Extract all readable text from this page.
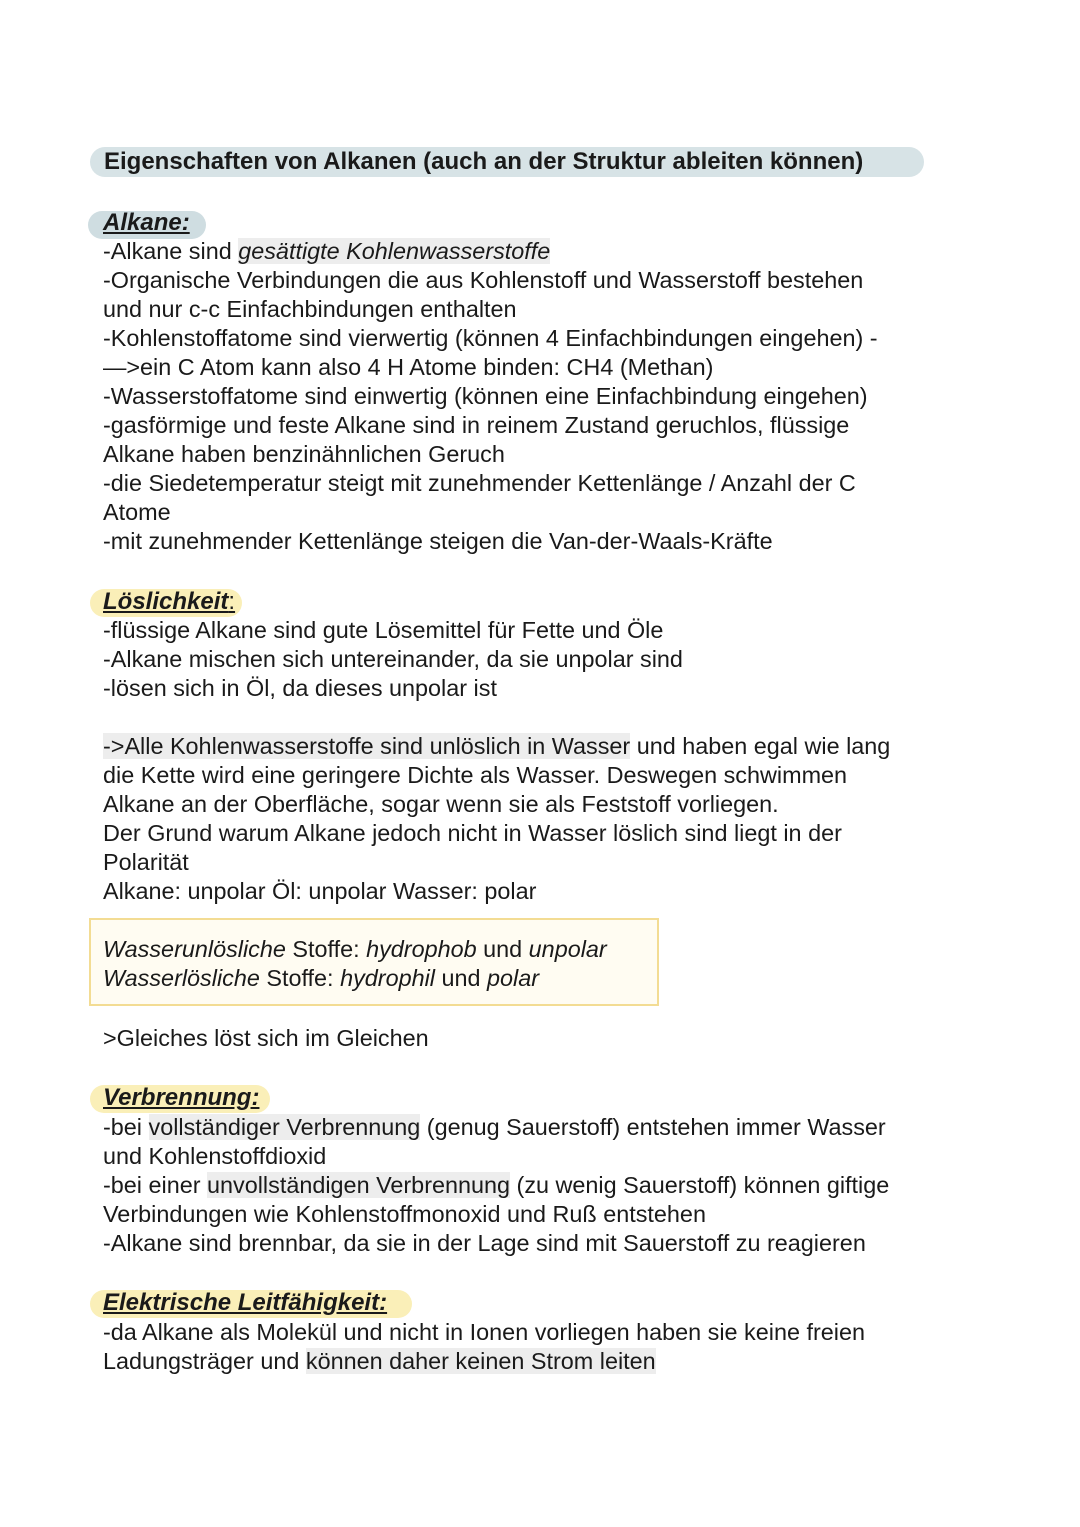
Eigenschaften von Alkanen (auch an der Struktur ableiten können)
Alkane:

-Alkane sind gesättigte Kohlenwasserstoffe

-Organische Verbindungen die aus Kohlenstoff und Wasserstoff bestehen

und nur c-c Einfachbindungen enthalten

-Kohlenstoffatome sind vierwertig (können 4 Einfachbindungen eingehen) -

—>ein C Atom kann also 4 H Atome binden: CH4 (Methan)

-Wasserstoffatome sind einwertig (können eine Einfachbindung eingehen)

-gasförmige und feste Alkane sind in reinem Zustand geruchlos, flüssige

Alkane haben benzinähnlichen Geruch

-die Siedetemperatur steigt mit zunehmender Kettenlänge / Anzahl der C

Atome

-mit zunehmender Kettenlänge steigen die Van-der-Waals-Kräfte

Löslichkeit:

-flüssige Alkane sind gute Lösemittel für Fette und Öle

-Alkane mischen sich untereinander, da sie unpolar sind

-lösen sich in Öl, da dieses unpolar ist

->Alle Kohlenwasserstoffe sind unlöslich in Wasser und haben egal wie lang

die Kette wird eine geringere Dichte als Wasser. Deswegen schwimmen

Alkane an der Oberfläche, sogar wenn sie als Feststoff vorliegen.

Der Grund warum Alkane jedoch nicht in Wasser löslich sind liegt in der

Polarität

Alkane: unpolar Öl: unpolar Wasser: polar

Wasserunlösliche Stoffe: hydrophob und unpolar

Wasserlösliche Stoffe: hydrophil und polar

>Gleiches löst sich im Gleichen

Verbrennung:

-bei vollständiger Verbrennung (genug Sauerstoff) entstehen immer Wasser

und Kohlenstoffdioxid

-bei einer unvollständigen Verbrennung (zu wenig Sauerstoff) können giftige

Verbindungen wie Kohlenstoffmonoxid und Ruß entstehen

-Alkane sind brennbar, da sie in der Lage sind mit Sauerstoff zu reagieren

Elektrische Leitfähigkeit:

-da Alkane als Molekül und nicht in Ionen vorliegen haben sie keine freien

Ladungsträger und können daher keinen Strom leiten
